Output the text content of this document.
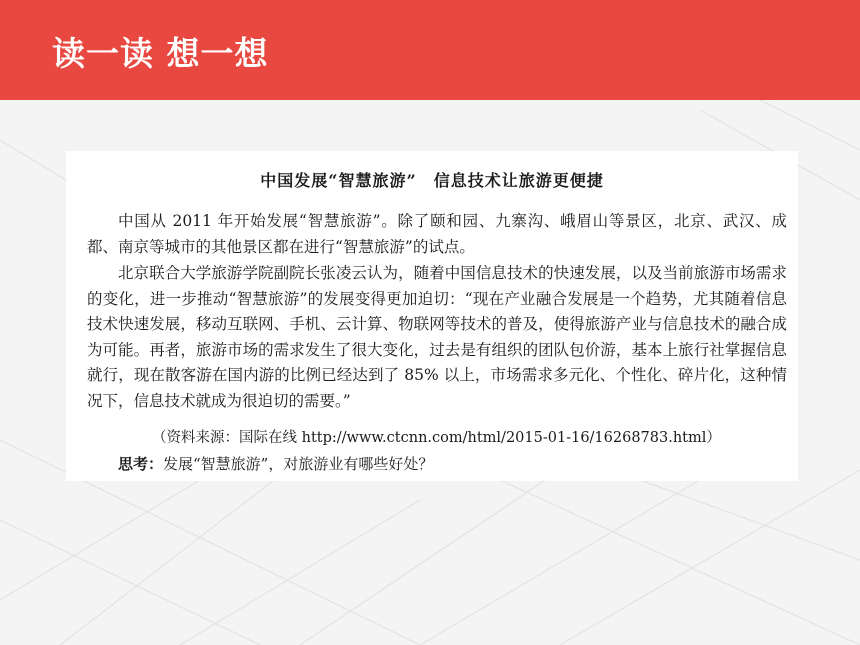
读一读 想一想
中国发展“智慧旅游”　信息技术让旅游更便捷
中国从 2011 年开始发展“智慧旅游”。除了颐和园、九寨沟、峨眉山等景区，北京、武汉、成都、南京等城市的其他景区都在进行“智慧旅游”的试点。
北京联合大学旅游学院副院长张凌云认为，随着中国信息技术的快速发展，以及当前旅游市场需求的变化，进一步推动“智慧旅游”的发展变得更加迫切：“现在产业融合发展是一个趋势，尤其随着信息技术快速发展，移动互联网、手机、云计算、物联网等技术的普及，使得旅游产业与信息技术的融合成为可能。再者，旅游市场的需求发生了很大变化，过去是有组织的团队包价游，基本上旅行社掌握信息就行，现在散客游在国内游的比例已经达到了 85% 以上，市场需求多元化、个性化、碎片化，这种情况下，信息技术就成为很迫切的需要。”
（资料来源：国际在线 http://www.ctcnn.com/html/2015-01-16/16268783.html）
思考：发展“智慧旅游”，对旅游业有哪些好处？
